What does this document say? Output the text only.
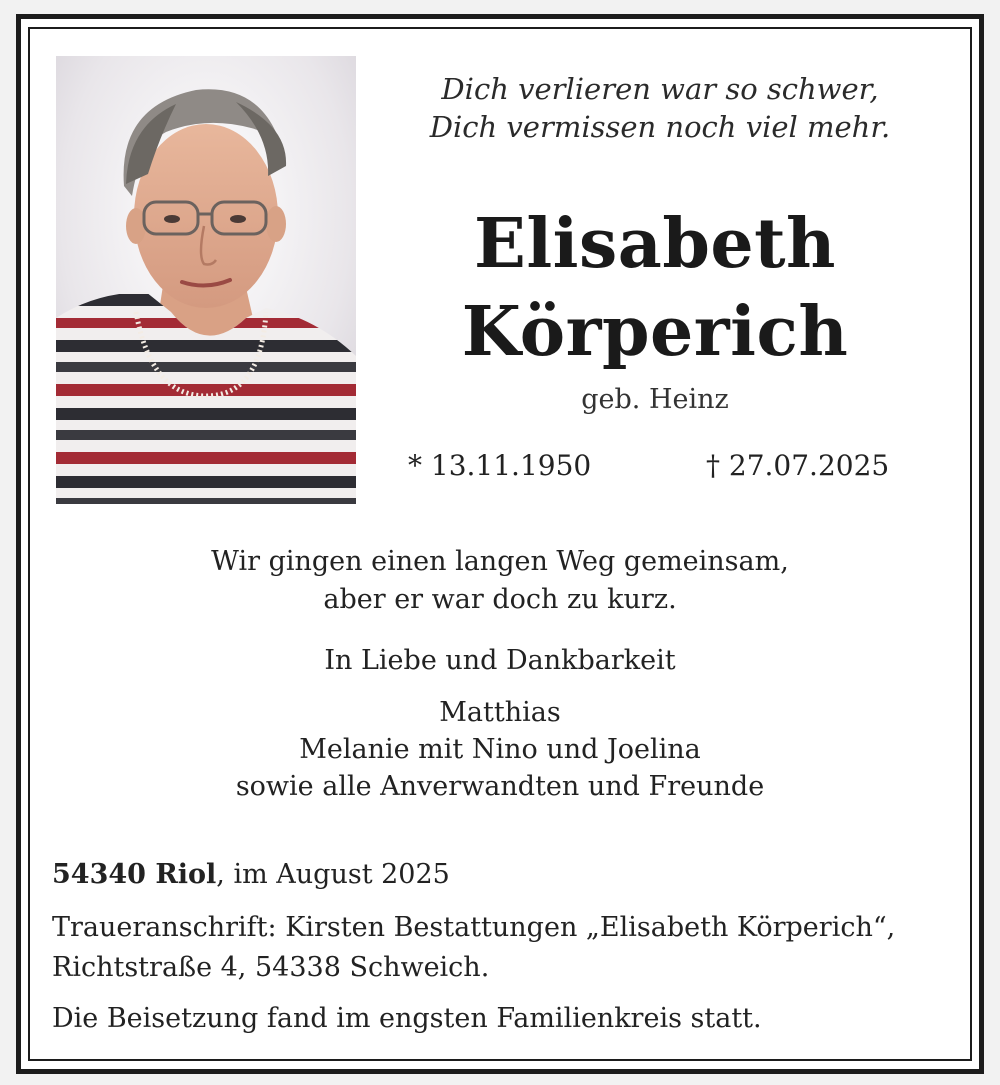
Dich verlieren war so schwer,
Dich vermissen noch viel mehr.
Elisabeth
Körperich
geb. Heinz
* 13.11.1950	† 27.07.2025
Wir gingen einen langen Weg gemeinsam,
aber er war doch zu kurz.
In Liebe und Dankbarkeit
Matthias
Melanie mit Nino und Joelina
sowie alle Anverwandten und Freunde
54340 Riol, im August 2025
Traueranschrift: Kirsten Bestattungen „Elisabeth Körperich“,
Richtstraße 4, 54338 Schweich.
Die Beisetzung fand im engsten Familienkreis statt.
